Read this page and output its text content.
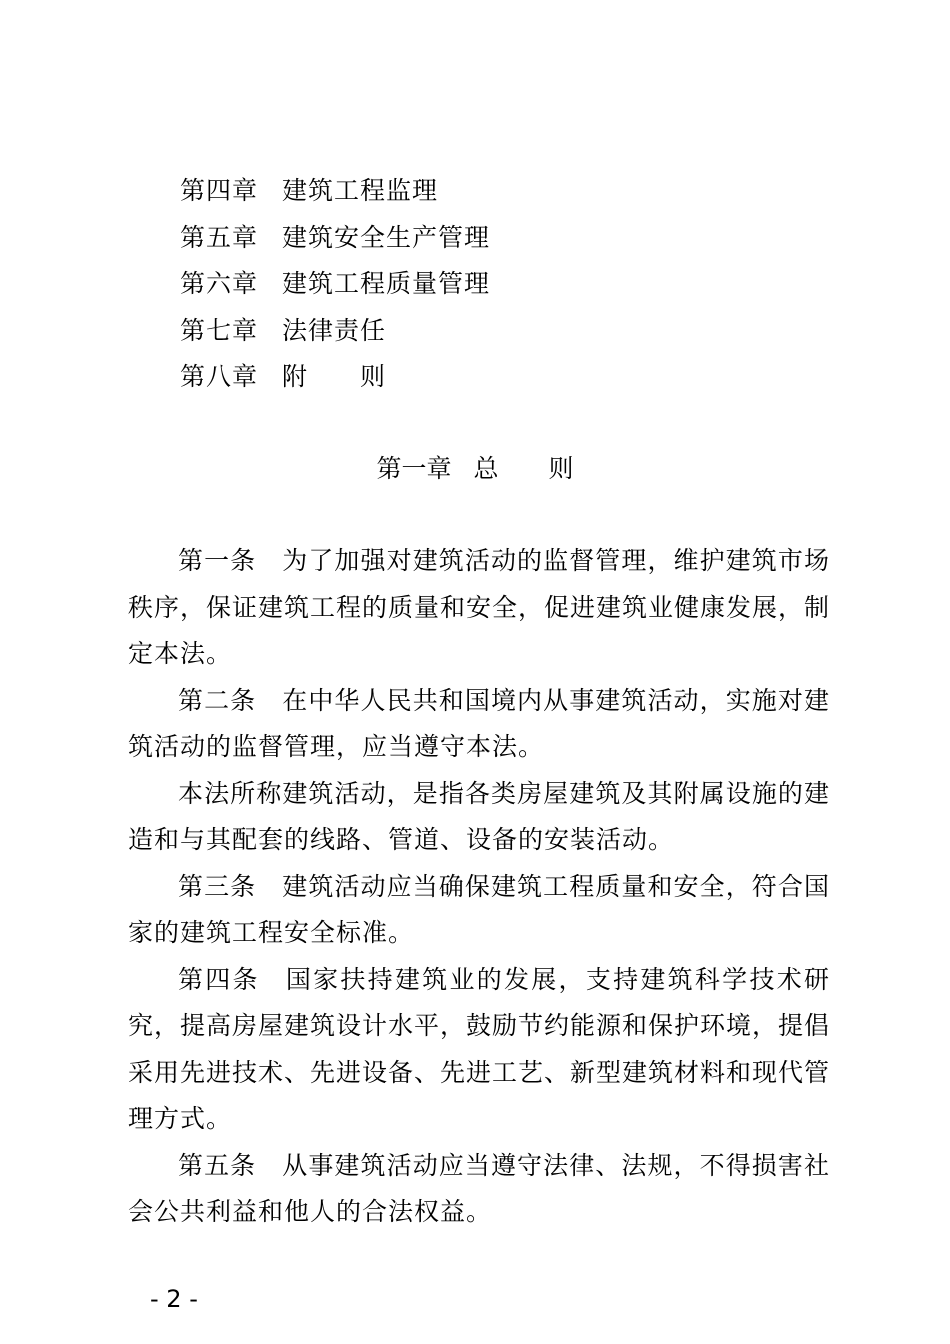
第四章 建筑工程监理
第五章 建筑安全生产管理
第六章 建筑工程质量管理
第七章 法律责任
第八章 附　　则
第一章 总　　则

第一条 为了加强对建筑活动的监督管理，维护建筑市场秩序，保证建筑工程的质量和安全，促进建筑业健康发展，制定本法。

第二条 在中华人民共和国境内从事建筑活动，实施对建筑活动的监督管理，应当遵守本法。

本法所称建筑活动，是指各类房屋建筑及其附属设施的建造和与其配套的线路、管道、设备的安装活动。

第三条 建筑活动应当确保建筑工程质量和安全，符合国家的建筑工程安全标准。

第四条 国家扶持建筑业的发展，支持建筑科学技术研究，提高房屋建筑设计水平，鼓励节约能源和保护环境，提倡采用先进技术、先进设备、先进工艺、新型建筑材料和现代管理方式。

第五条 从事建筑活动应当遵守法律、法规，不得损害社会公共利益和他人的合法权益。

- 2 -
